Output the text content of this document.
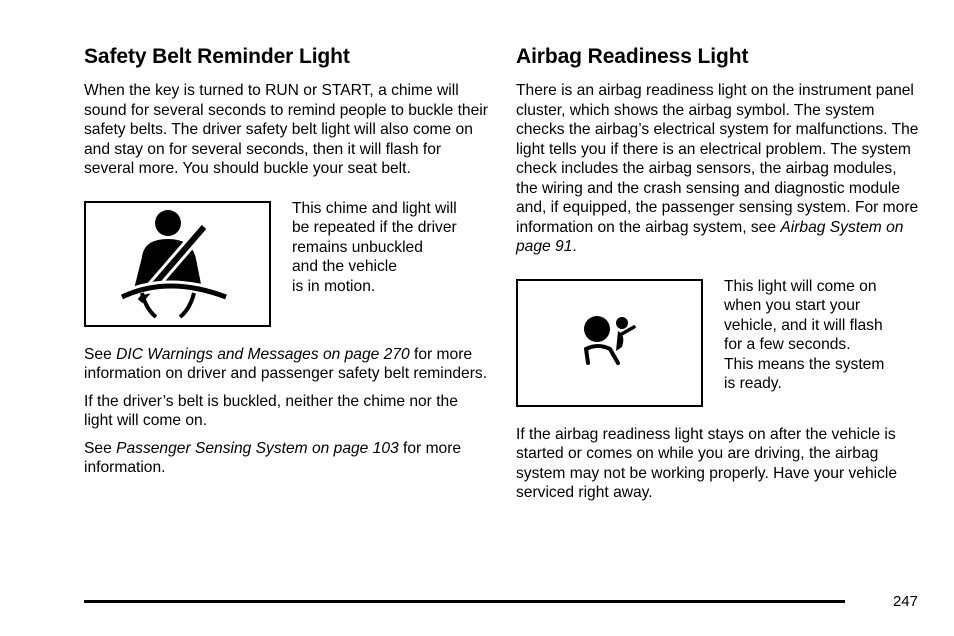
Safety Belt Reminder Light

When the key is turned to RUN or START, a chime will sound for several seconds to remind people to buckle their safety belts. The driver safety belt light will also come on and stay on for several seconds, then it will flash for several more. You should buckle your seat belt.

This chime and light will

be repeated if the driver

remains unbuckled

and the vehicle

is in motion.

See DIC Warnings and Messages on page 270 for more information on driver and passenger safety belt reminders.

If the driver’s belt is buckled, neither the chime nor the light will come on.

See Passenger Sensing System on page 103 for more information.

Airbag Readiness Light

There is an airbag readiness light on the instrument panel cluster, which shows the airbag symbol. The system checks the airbag’s electrical system for malfunctions. The light tells you if there is an electrical problem. The system check includes the airbag sensors, the airbag modules, the wiring and the crash sensing and diagnostic module and, if equipped, the passenger sensing system. For more information on the airbag system, see Airbag System on page 91.

This light will come on

when you start your

vehicle, and it will flash

for a few seconds.

This means the system

is ready.

If the airbag readiness light stays on after the vehicle is started or comes on while you are driving, the airbag system may not be working properly. Have your vehicle serviced right away.

247
